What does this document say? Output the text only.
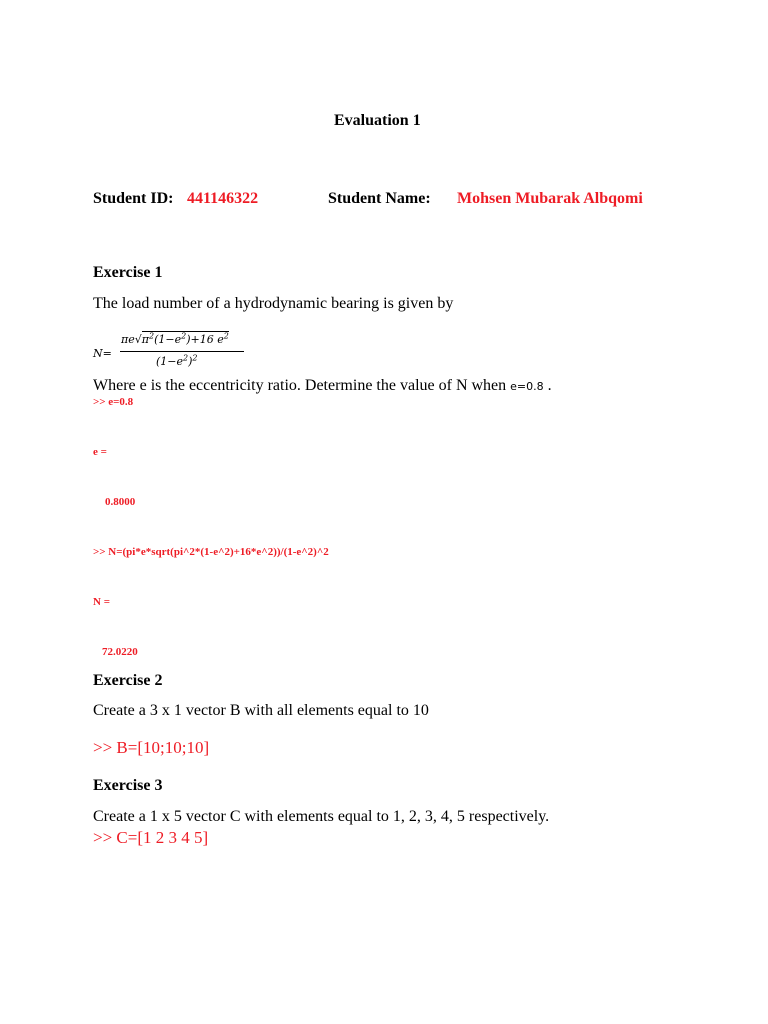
Evaluation 1
Student ID: 441146322	Student Name: Mohsen Mubarak Albqomi
Exercise 1
The load number of a hydrodynamic bearing is given by
N=
$\pi e√\pi^2(1-e^2)+16$ $e^2$
$(1-e^2)^2$
Where e is the eccentricity ratio. Determine the value of N when e=0.8 .
>> e=0.8
e =
0.8000
>> N=(pi*e*sqrt(pi^2*(1-e^2)+16*e^2))/(1-e^2)^2
N =
72.0220
Exercise 2
Create a 3 x 1 vector B with all elements equal to 10
>> B=[10;10;10]
Exercise 3
Create a 1 x 5 vector C with elements equal to 1, 2, 3, 4, 5 respectively.
>> C=[1 2 3 4 5]
